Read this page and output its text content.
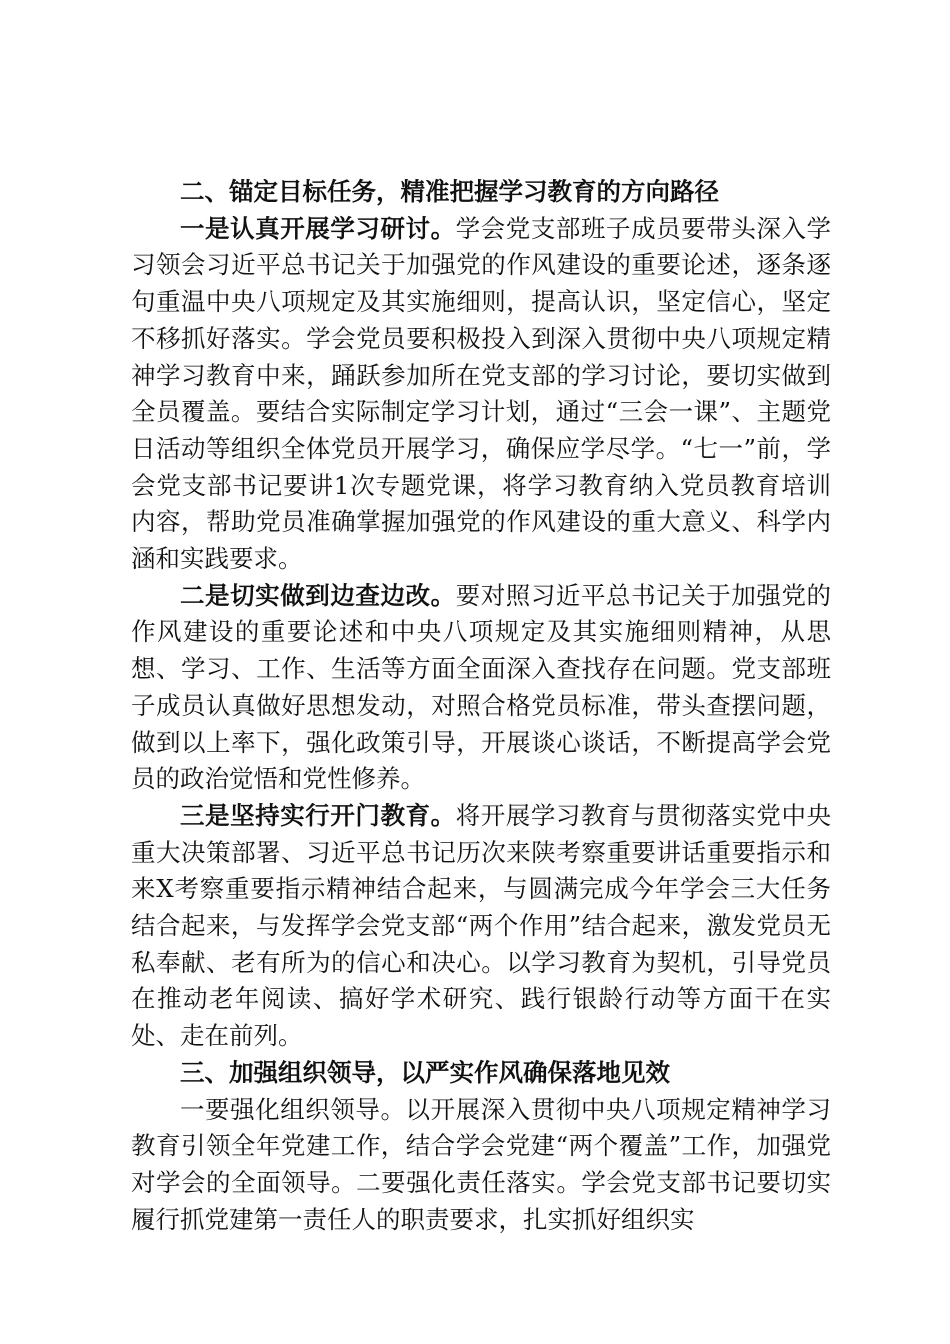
二、锚定目标任务，精准把握学习教育的方向路径

一是认真开展学习研讨。学会党支部班子成员要带头深入学习领会习近平总书记关于加强党的作风建设的重要论述，逐条逐句重温中央八项规定及其实施细则，提高认识，坚定信心，坚定不移抓好落实。学会党员要积极投入到深入贯彻中央八项规定精神学习教育中来，踊跃参加所在党支部的学习讨论，要切实做到全员覆盖。要结合实际制定学习计划，通过“三会一课”、主题党日活动等组织全体党员开展学习，确保应学尽学。“七一”前，学会党支部书记要讲1次专题党课，将学习教育纳入党员教育培训内容，帮助党员准确掌握加强党的作风建设的重大意义、科学内涵和实践要求。

二是切实做到边查边改。要对照习近平总书记关于加强党的作风建设的重要论述和中央八项规定及其实施细则精神，从思想、学习、工作、生活等方面全面深入查找存在问题。党支部班子成员认真做好思想发动，对照合格党员标准，带头查摆问题，做到以上率下，强化政策引导，开展谈心谈话，不断提高学会党员的政治觉悟和党性修养。

三是坚持实行开门教育。将开展学习教育与贯彻落实党中央重大决策部署、习近平总书记历次来陕考察重要讲话重要指示和来X考察重要指示精神结合起来，与圆满完成今年学会三大任务结合起来，与发挥学会党支部“两个作用”结合起来，激发党员无私奉献、老有所为的信心和决心。以学习教育为契机，引导党员在推动老年阅读、搞好学术研究、践行银龄行动等方面干在实处、走在前列。

三、加强组织领导，以严实作风确保落地见效

一要强化组织领导。以开展深入贯彻中央八项规定精神学习教育引领全年党建工作，结合学会党建“两个覆盖”工作，加强党对学会的全面领导。二要强化责任落实。学会党支部书记要切实履行抓党建第一责任人的职责要求，扎实抓好组织实
